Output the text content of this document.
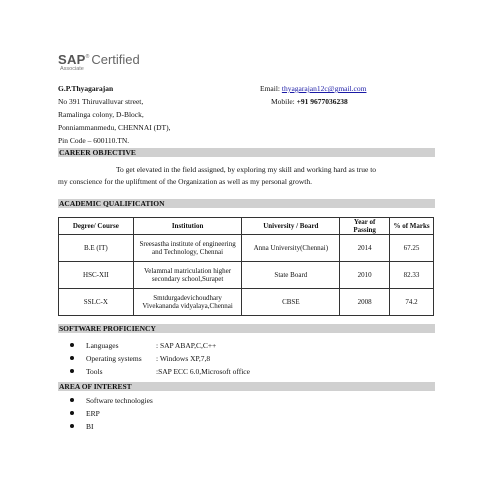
SAP ® Certified
Associate
G.P.Thyagarajan
No 391 Thiruvalluvar street,
Ramalinga colony, D-Block,
Ponniammanmedu, CHENNAI (DT),
Pin Code – 600110.TN.
Email: thyagarajan12c@gmail.com
Mobile: +91 9677036238
CAREER OBJECTIVE
To get elevated in the field assigned, by exploring my skill and working hard as true to
my conscience for the upliftment of the Organization as well as my personal growth.
ACADEMIC QUALIFICATION
Degree/ Course	Institution	University / Board	Year of Passing	% of Marks
B.E (IT)	Sreesastha institute of engineering and Technology, Chennai	Anna University(Chennai)	2014	67.25
HSC-XII	Velammal matriculation higher secondary school,Surapet	State Board	2010	82.33
SSLC-X	Smtdurgadevichoudhary Vivekananda vidyalaya,Chennai	CBSE	2008	74.2
SOFTWARE PROFICIENCY
Languages	: SAP ABAP,C,C++
Operating systems : Windows XP,7,8
Tools	:SAP ECC 6.0,Microsoft office
AREA OF INTEREST
Software technologies
ERP
BI
